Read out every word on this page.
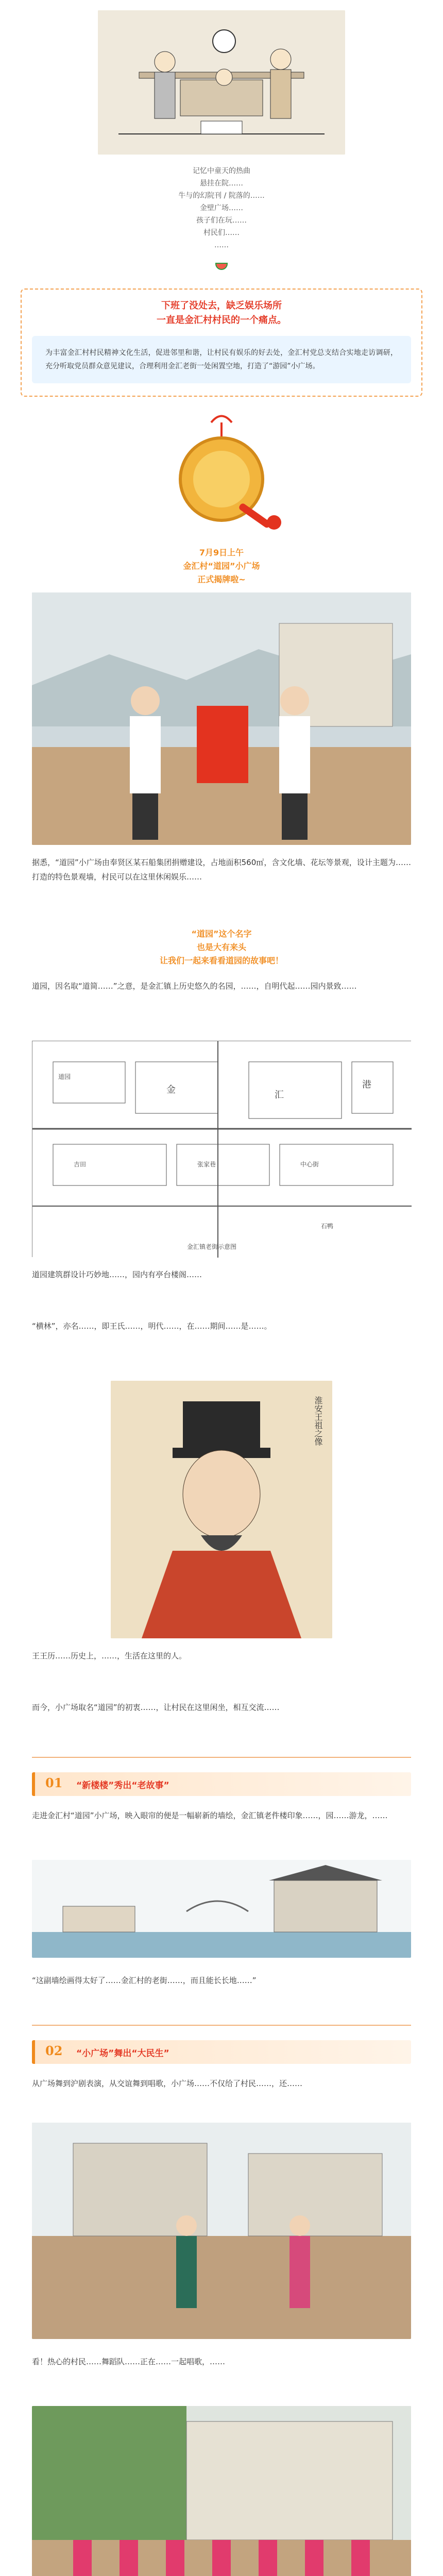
记忆中童天的热曲
悬挂在院……
牛与的幻院刊 / 院落的……
金壁广场……
孩子们在玩……
村民们……
……
下班了没处去，缺乏娱乐场所
一直是金汇村村民的一个痛点。
为丰富金汇村村民精神文化生活，促进邻里和谐，让村民有娱乐的好去处，金汇村党总支结合实地走访调研，充分听取党员群众意见建议，合理利用金汇老街一处闲置空地，打造了“游园”小广场。
7月9日上午
金汇村“道园”小广场
正式揭牌啦~
据悉，“道园”小广场由奉贤区某石船集团捐赠建设，占地面积560㎡，含文化墙、花坛等景观，设计主题为……打造的特色景观墙，村民可以在这里休闲娱乐……
“道园”这个名字
也是大有来头
让我们一起来看看道园的故事吧！
道园，因名取“道简……”之意，是金汇镇上历史悠久的名园，……，自明代起……园内景致……
道园
金	汇
港
吉田	张家巷	中心街
石鸭
金汇镇老街示意图
道园建筑群设计巧妙地……，园内有亭台楼阁……
“横林”，亦名……，即王氏……，明代……，在……期间……是……。
淮安王祖之像
王王历……历史上，……，生活在这里的人。
而今，小广场取名“道园”的初衷……，让村民在这里闲坐，相互交流……
01 “新楼楼”秀出“老故事”
走进金汇村“道园”小广场，映入眼帘的便是一幅崭新的墙绘，金汇镇老件楼印象……，园……游龙，……
“这副墙绘画得太好了……金汇村的老街……，而且能长长地……”
02 “小广场”舞出“大民生”
从广场舞到沪剧表演，从交谊舞到唱歌，小广场……不仅给了村民……，还……
看！热心的村民……舞蹈队……正在……一起唱歌，……
